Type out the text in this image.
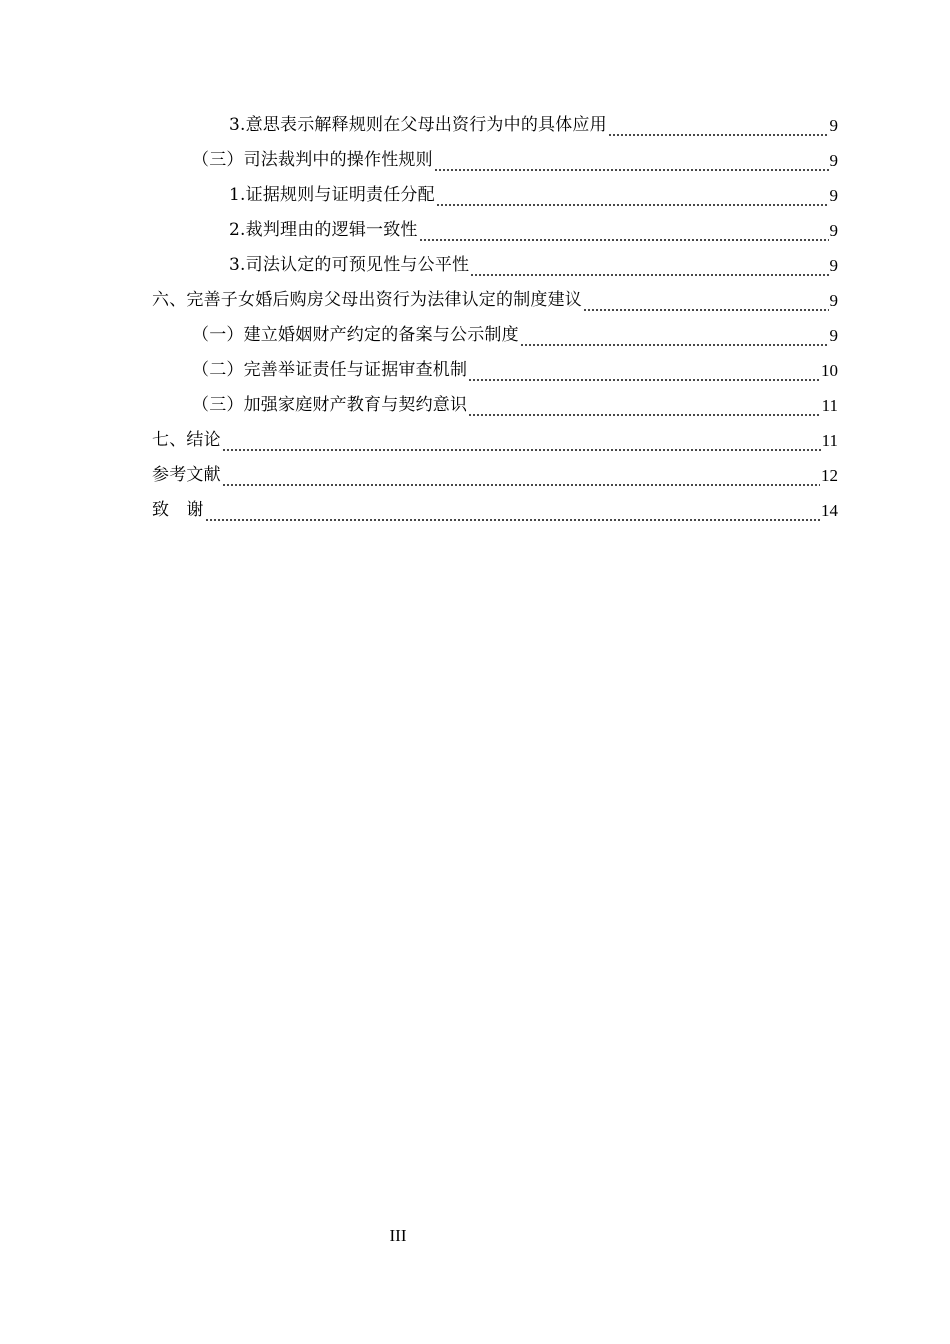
3.意思表示解释规则在父母出资行为中的具体应用	9
（三）司法裁判中的操作性规则	9
1.证据规则与证明责任分配	9
2.裁判理由的逻辑一致性	9
3.司法认定的可预见性与公平性	9
六、完善子女婚后购房父母出资行为法律认定的制度建议	9
（一）建立婚姻财产约定的备案与公示制度	9
（二）完善举证责任与证据审查机制	10
（三）加强家庭财产教育与契约意识	11
七、结论	11
参考文献	12
致　谢	14
III
